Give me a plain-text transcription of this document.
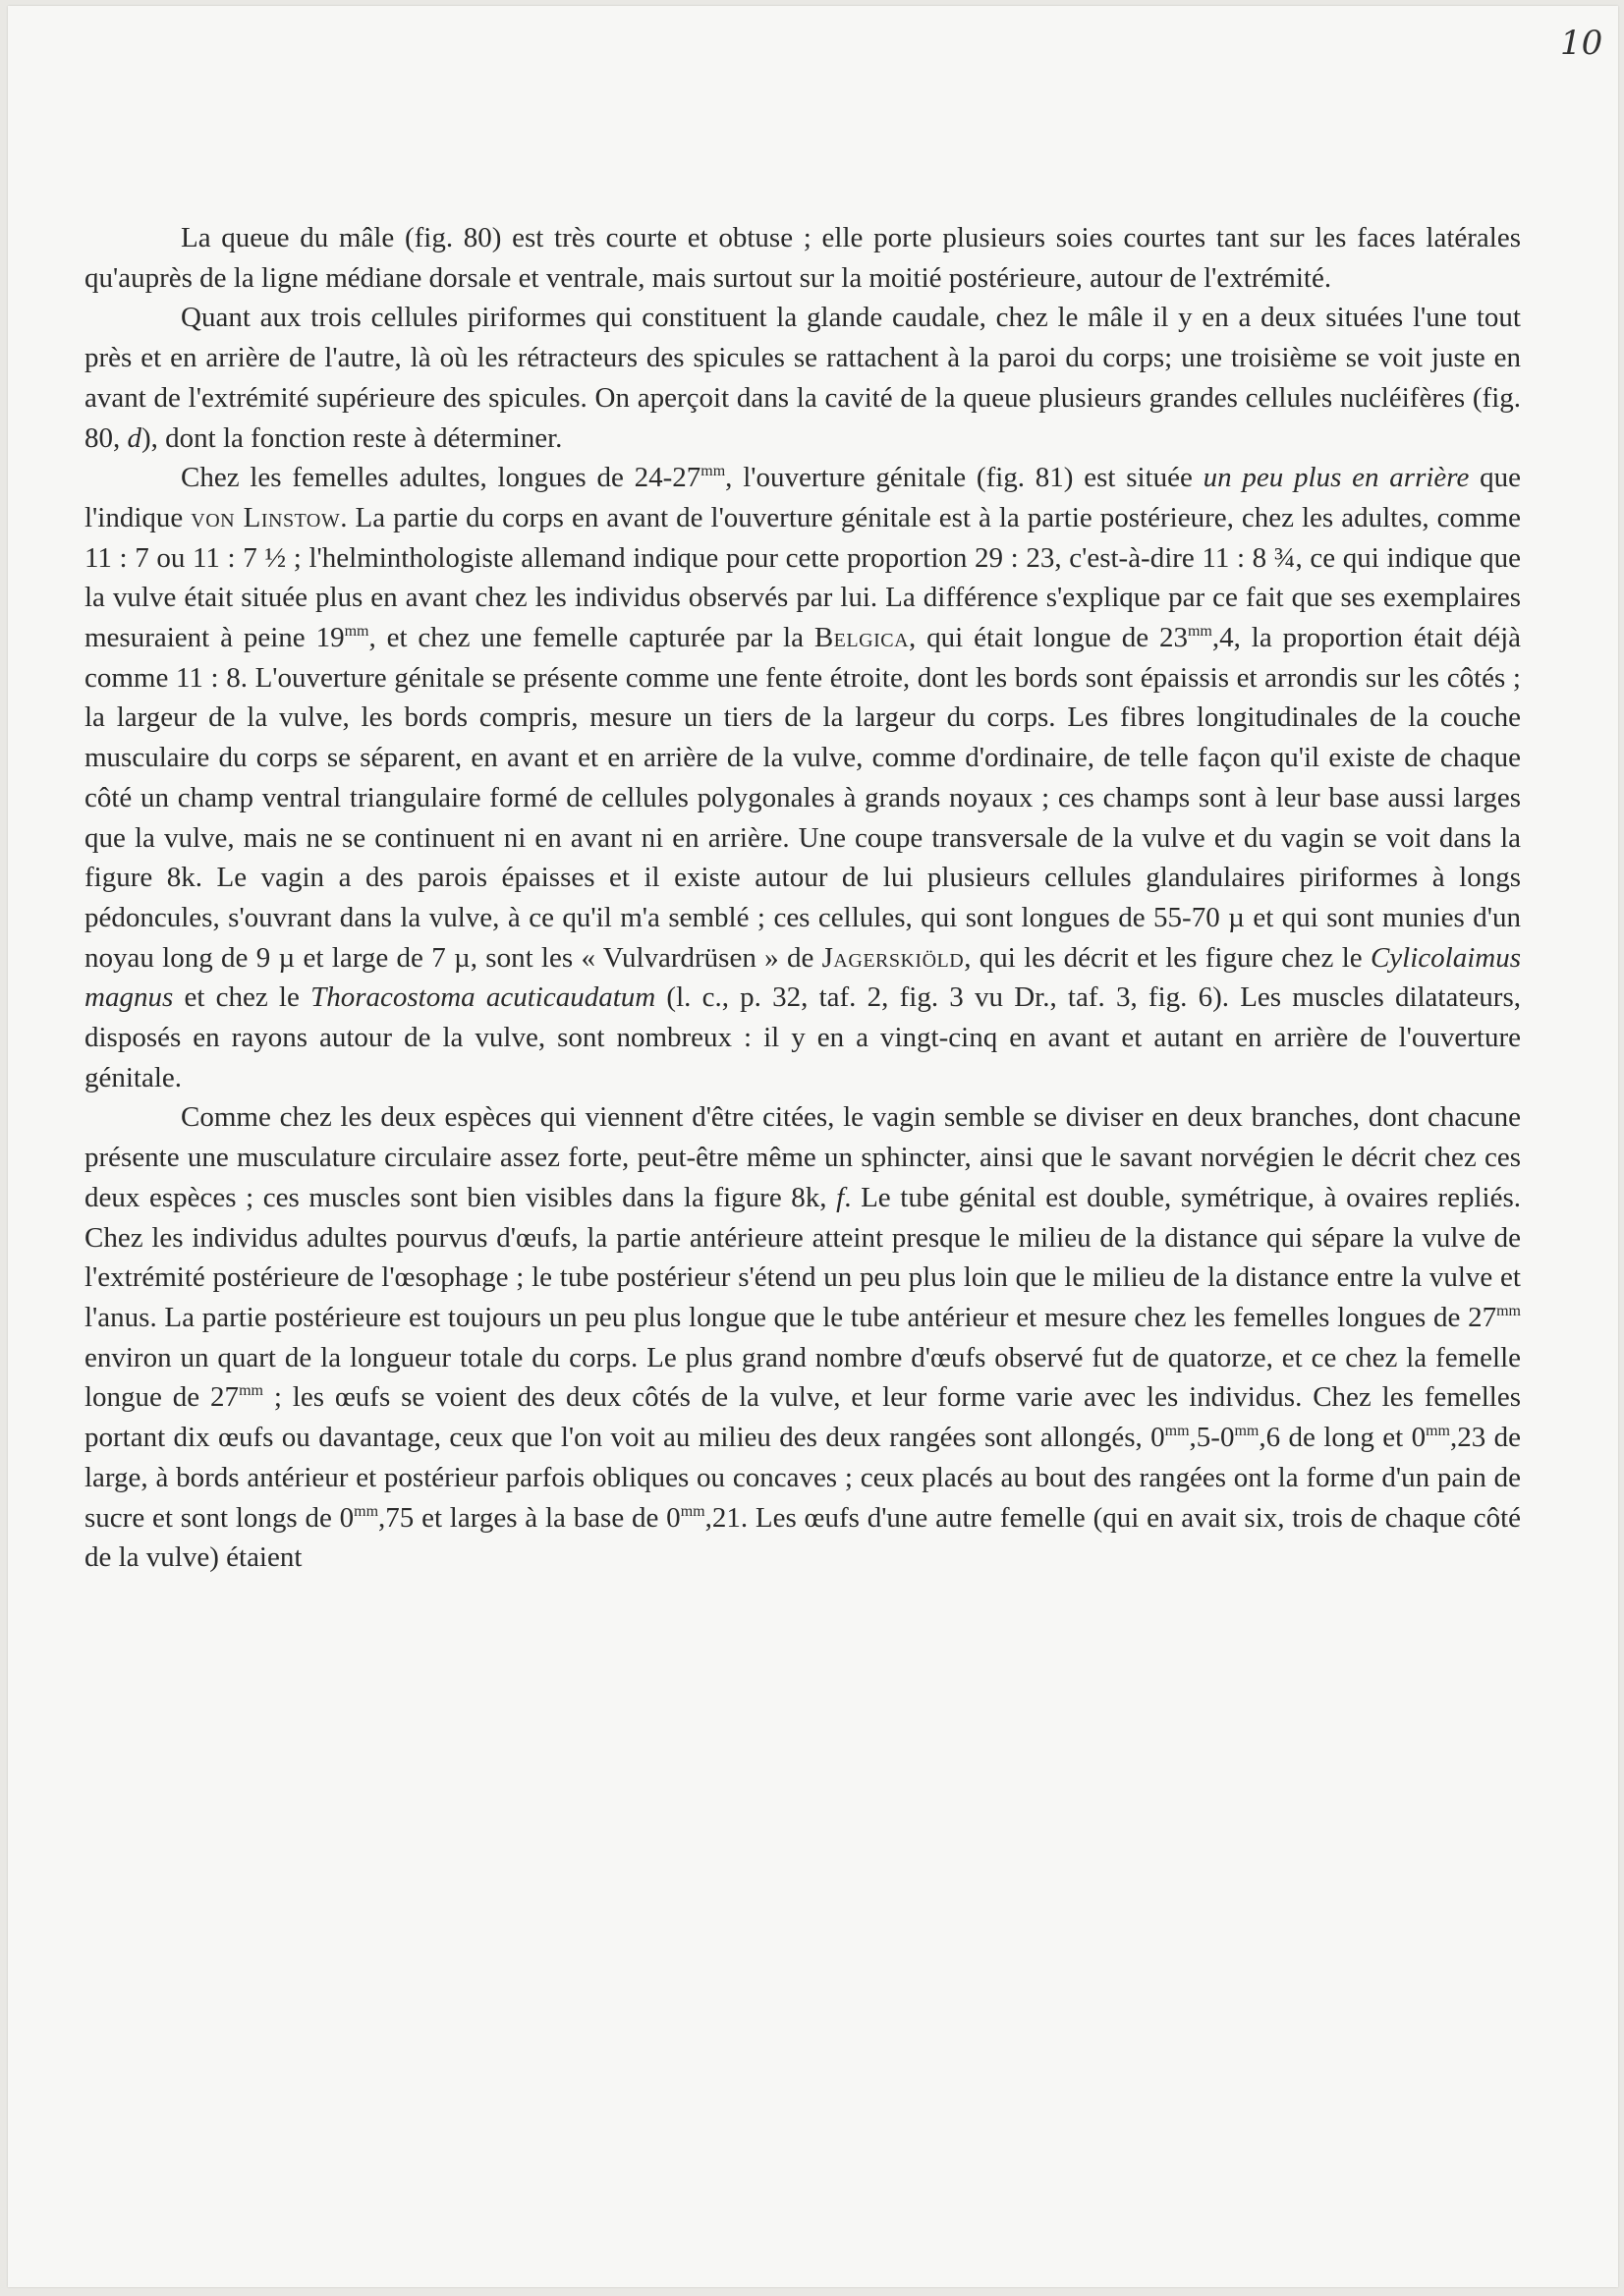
10

La queue du mâle (fig. 80) est très courte et obtuse ; elle porte plusieurs soies courtes tant sur les faces latérales qu'auprès de la ligne médiane dorsale et ventrale, mais surtout sur la moitié postérieure, autour de l'extrémité.

Quant aux trois cellules piriformes qui constituent la glande caudale, chez le mâle il y en a deux situées l'une tout près et en arrière de l'autre, là où les rétracteurs des spicules se rattachent à la paroi du corps; une troisième se voit juste en avant de l'extrémité supérieure des spicules. On aperçoit dans la cavité de la queue plusieurs grandes cellules nucléifères (fig. 80, d), dont la fonction reste à déterminer.

Chez les femelles adultes, longues de $24-27^{mm}$, l'ouverture génitale (fig. 81) est située un peu plus en arrière que l'indique von Linstow. La partie du corps en avant de l'ouverture génitale est à la partie postérieure, chez les adultes, comme 11 : 7 ou 11 : 7 ½ ; l'helminthologiste allemand indique pour cette proportion 29 : 23, c'est-à-dire 11 : 8 ¾, ce qui indique que la vulve était située plus en avant chez les individus observés par lui. La différence s'explique par ce fait que ses exemplaires mesuraient à peine $19^{mm}$, et chez une femelle capturée par la Belgica, qui était longue de $23^{mm},4$, la proportion était déjà comme 11 : 8. L'ouverture génitale se présente comme une fente étroite, dont les bords sont épaissis et arrondis sur les côtés ; la largeur de la vulve, les bords compris, mesure un tiers de la largeur du corps. Les fibres longitudinales de la couche musculaire du corps se séparent, en avant et en arrière de la vulve, comme d'ordinaire, de telle façon qu'il existe de chaque côté un champ ventral triangulaire formé de cellules polygonales à grands noyaux ; ces champs sont à leur base aussi larges que la vulve, mais ne se continuent ni en avant ni en arrière. Une coupe transversale de la vulve et du vagin se voit dans la figure 8k. Le vagin a des parois épaisses et il existe autour de lui plusieurs cellules glandulaires piriformes à longs pédoncules, s'ouvrant dans la vulve, à ce qu'il m'a semblé ; ces cellules, qui sont longues de 55-70 µ et qui sont munies d'un noyau long de 9 µ et large de 7 µ, sont les « Vulvardrüsen » de Jagerskiöld, qui les décrit et les figure chez le Cylicolaimus magnus et chez le Thoracostoma acuticaudatum (l. c., p. 32, taf. 2, fig. 3 vu Dr., taf. 3, fig. 6). Les muscles dilatateurs, disposés en rayons autour de la vulve, sont nombreux : il y en a vingt-cinq en avant et autant en arrière de l'ouverture génitale.

Comme chez les deux espèces qui viennent d'être citées, le vagin semble se diviser en deux branches, dont chacune présente une musculature circulaire assez forte, peut-être même un sphincter, ainsi que le savant norvégien le décrit chez ces deux espèces ; ces muscles sont bien visibles dans la figure 8k, f. Le tube génital est double, symétrique, à ovaires repliés. Chez les individus adultes pourvus d'œufs, la partie antérieure atteint presque le milieu de la distance qui sépare la vulve de l'extrémité postérieure de l'œsophage ; le tube postérieur s'étend un peu plus loin que le milieu de la distance entre la vulve et l'anus. La partie postérieure est toujours un peu plus longue que le tube antérieur et mesure chez les femelles longues de $27^{mm}$ environ un quart de la longueur totale du corps. Le plus grand nombre d'œufs observé fut de quatorze, et ce chez la femelle longue de $27^{mm}$ ; les œufs se voient des deux côtés de la vulve, et leur forme varie avec les individus. Chez les femelles portant dix œufs ou davantage, ceux que l'on voit au milieu des deux rangées sont allongés, $0^{mm},5-0^{mm},6$ de long et $0^{mm},23$ de large, à bords antérieur et postérieur parfois obliques ou concaves ; ceux placés au bout des rangées ont la forme d'un pain de sucre et sont longs de $0^{mm},75$ et larges à la base de $0^{mm},21$. Les œufs d'une autre femelle (qui en avait six, trois de chaque côté de la vulve) étaient
